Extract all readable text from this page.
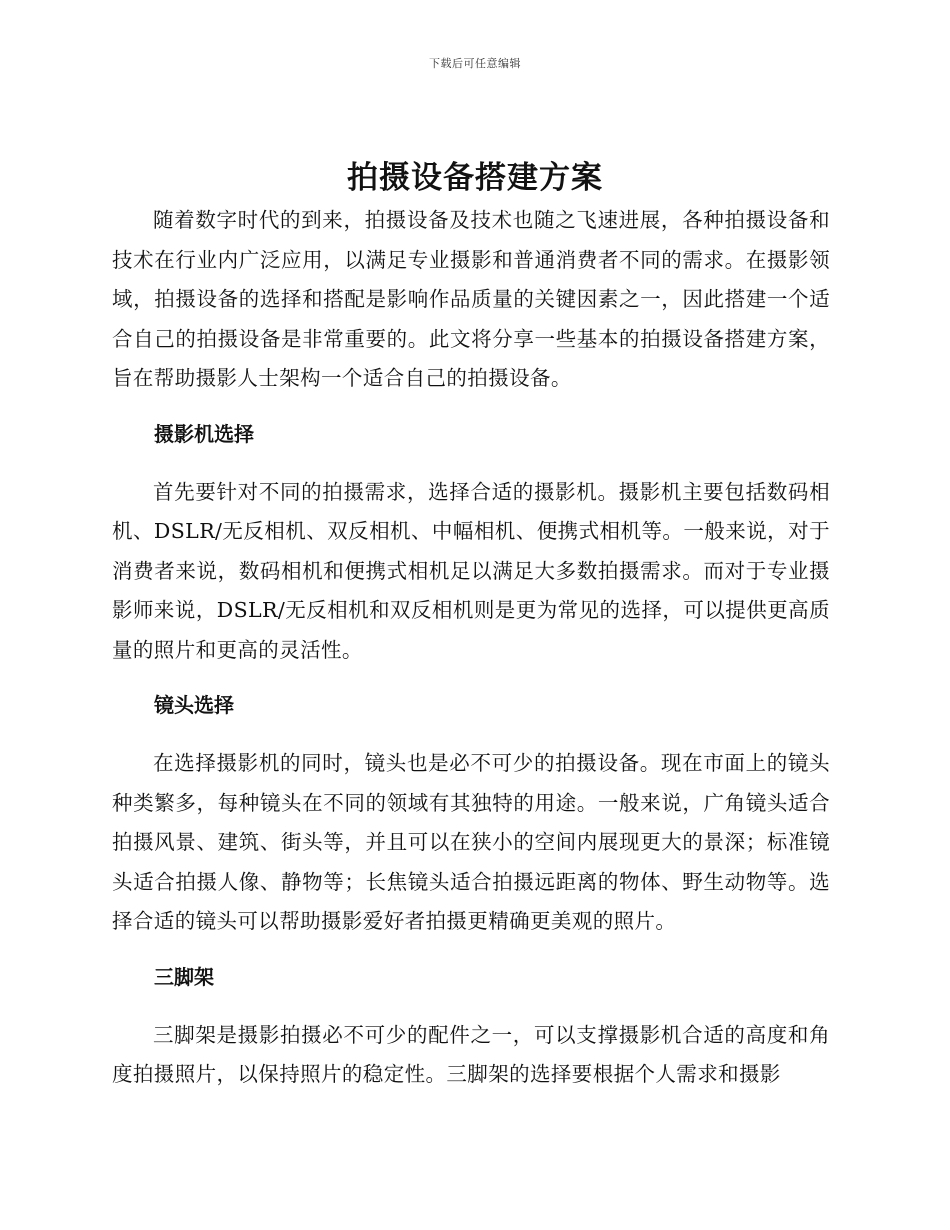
下载后可任意编辑
拍摄设备搭建方案

随着数字时代的到来，拍摄设备及技术也随之飞速进展，各种拍摄设备和技术在行业内广泛应用，以满足专业摄影和普通消费者不同的需求。在摄影领域，拍摄设备的选择和搭配是影响作品质量的关键因素之一，因此搭建一个适合自己的拍摄设备是非常重要的。此文将分享一些基本的拍摄设备搭建方案，旨在帮助摄影人士架构一个适合自己的拍摄设备。

摄影机选择

首先要针对不同的拍摄需求，选择合适的摄影机。摄影机主要包括数码相机、DSLR/无反相机、双反相机、中幅相机、便携式相机等。一般来说，对于消费者来说，数码相机和便携式相机足以满足大多数拍摄需求。而对于专业摄影师来说，DSLR/无反相机和双反相机则是更为常见的选择，可以提供更高质量的照片和更高的灵活性。

镜头选择

在选择摄影机的同时，镜头也是必不可少的拍摄设备。现在市面上的镜头种类繁多，每种镜头在不同的领域有其独特的用途。一般来说，广角镜头适合拍摄风景、建筑、街头等，并且可以在狭小的空间内展现更大的景深；标准镜头适合拍摄人像、静物等；长焦镜头适合拍摄远距离的物体、野生动物等。选择合适的镜头可以帮助摄影爱好者拍摄更精确更美观的照片。

三脚架

三脚架是摄影拍摄必不可少的配件之一，可以支撑摄影机合适的高度和角度拍摄照片，以保持照片的稳定性。三脚架的选择要根据个人需求和摄影
